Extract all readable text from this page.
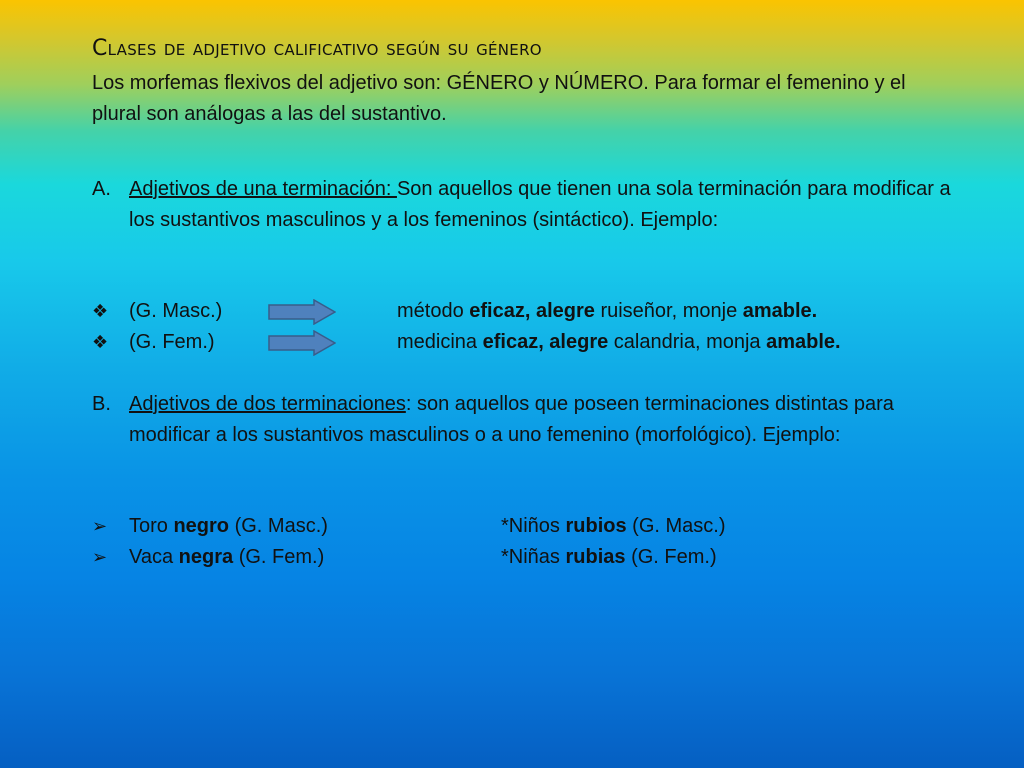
Clases de adjetivo calificativo según su género
Los morfemas flexivos del adjetivo son: GÉNERO y NÚMERO. Para formar el femenino y el plural son análogas a las del sustantivo.
A. Adjetivos de una terminación: Son aquellos que tienen una sola terminación para modificar a los sustantivos masculinos y a los femeninos (sintáctico). Ejemplo:
❖ (G. Masc.)	método eficaz, alegre ruiseñor, monje amable.
❖ (G. Fem.)	medicina eficaz, alegre calandria, monja amable.
B. Adjetivos de dos terminaciones: son aquellos que poseen terminaciones distintas para modificar a los sustantivos masculinos o a uno femenino (morfológico). Ejemplo:
➢ Toro negro (G. Masc.)	*Niños rubios (G. Masc.)
➢ Vaca negra (G. Fem.)	*Niñas rubias (G. Fem.)
